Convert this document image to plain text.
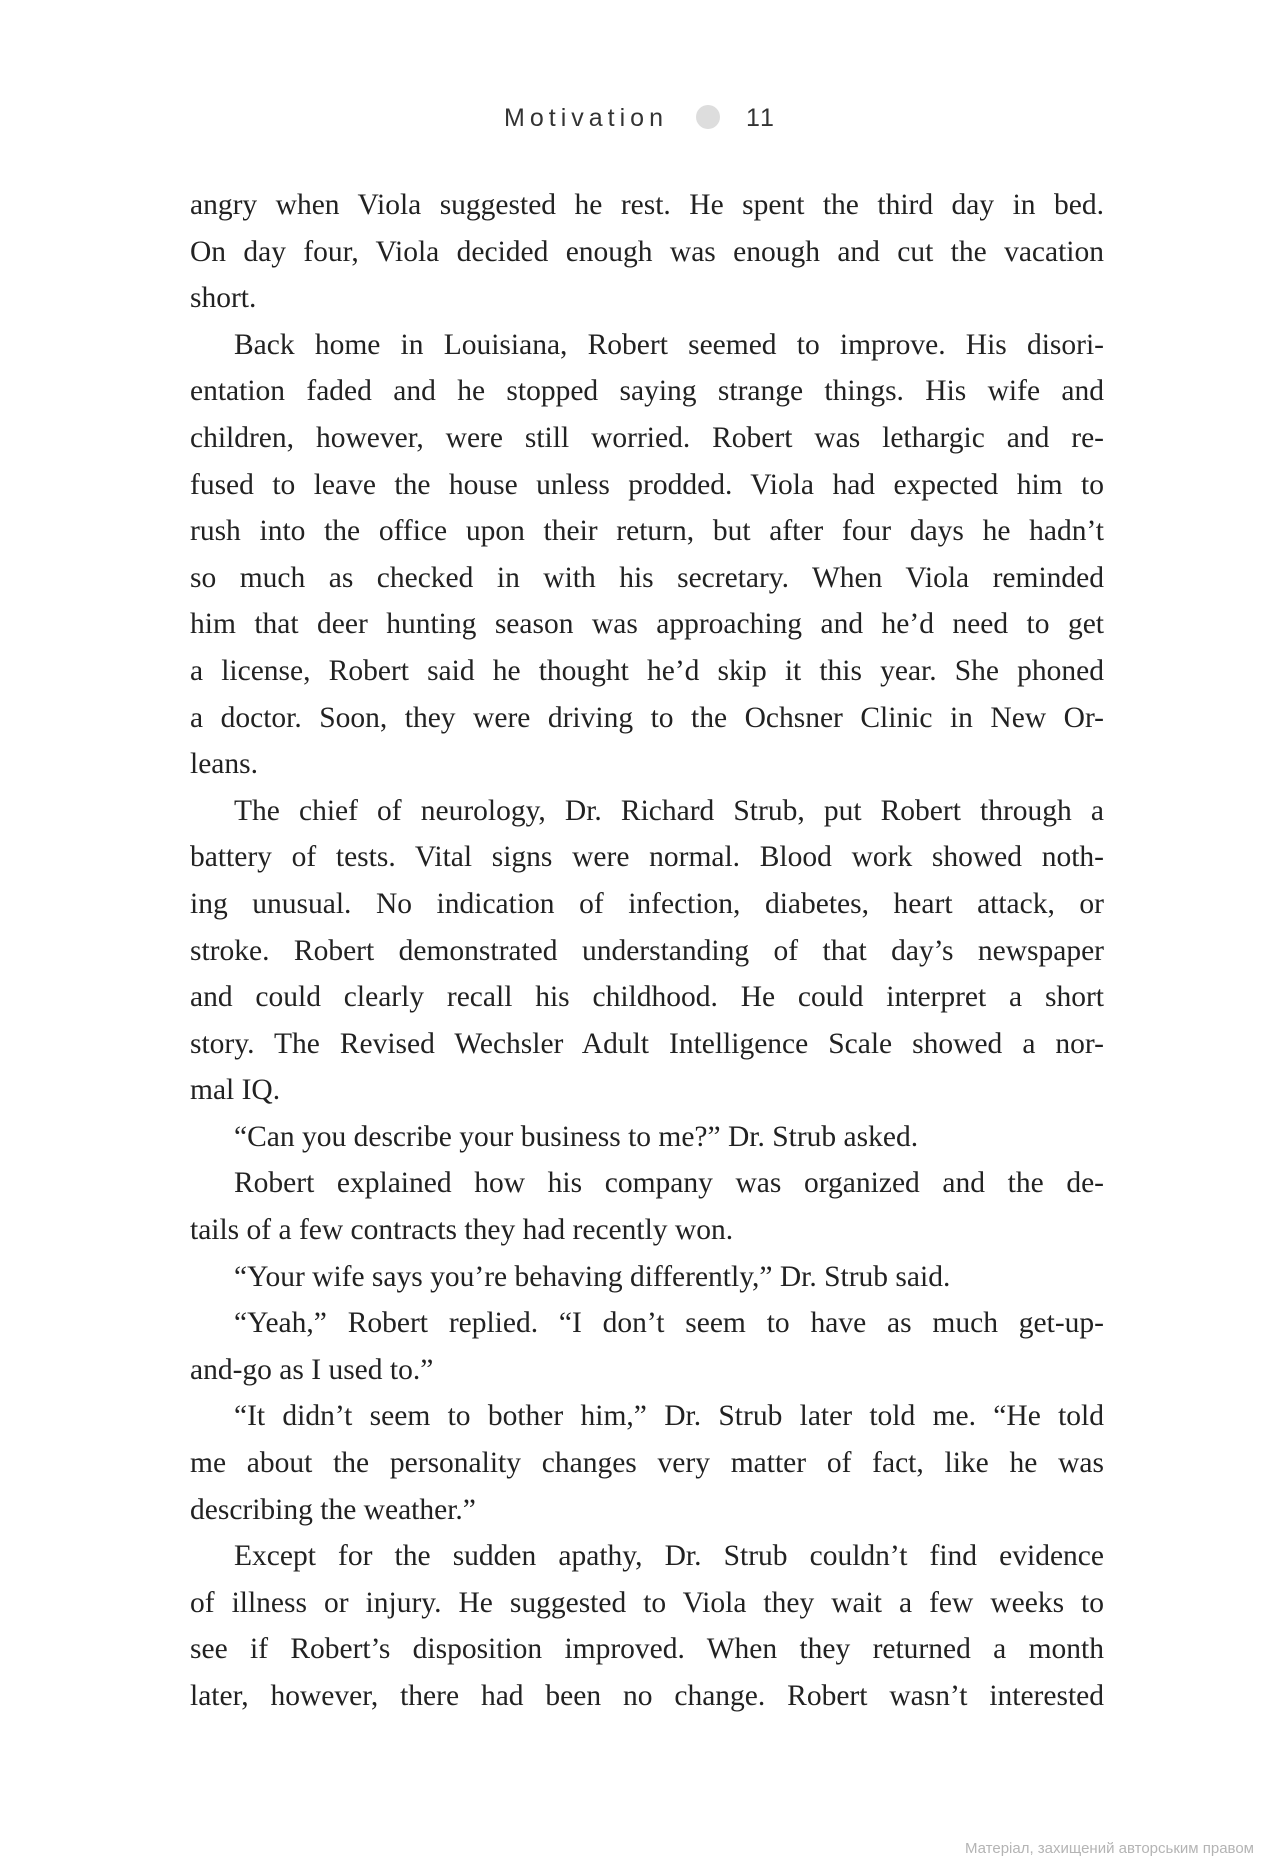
Motivation	11
angry when Viola suggested he rest. He spent the third day in bed.
On day four, Viola decided enough was enough and cut the vacation
short.
Back home in Louisiana, Robert seemed to improve. His disori-
entation faded and he stopped saying strange things. His wife and
children, however, were still worried. Robert was lethargic and re-
fused to leave the house unless prodded. Viola had expected him to
rush into the office upon their return, but after four days he hadn’t
so much as checked in with his secretary. When Viola reminded
him that deer hunting season was approaching and he’d need to get
a license, Robert said he thought he’d skip it this year. She phoned
a doctor. Soon, they were driving to the Ochsner Clinic in New Or-
leans.
The chief of neurology, Dr. Richard Strub, put Robert through a
battery of tests. Vital signs were normal. Blood work showed noth-
ing unusual. No indication of infection, diabetes, heart attack, or
stroke. Robert demonstrated understanding of that day’s newspaper
and could clearly recall his childhood. He could interpret a short
story. The Revised Wechsler Adult Intelligence Scale showed a nor-
mal IQ.
“Can you describe your business to me?” Dr. Strub asked.
Robert explained how his company was organized and the de-
tails of a few contracts they had recently won.
“Your wife says you’re behaving differently,” Dr. Strub said.
“Yeah,” Robert replied. “I don’t seem to have as much get-up-
and-go as I used to.”
“It didn’t seem to bother him,” Dr. Strub later told me. “He told
me about the personality changes very matter of fact, like he was
describing the weather.”
Except for the sudden apathy, Dr. Strub couldn’t find evidence
of illness or injury. He suggested to Viola they wait a few weeks to
see if Robert’s disposition improved. When they returned a month
later, however, there had been no change. Robert wasn’t interested
Матеріал, захищений авторським правом
